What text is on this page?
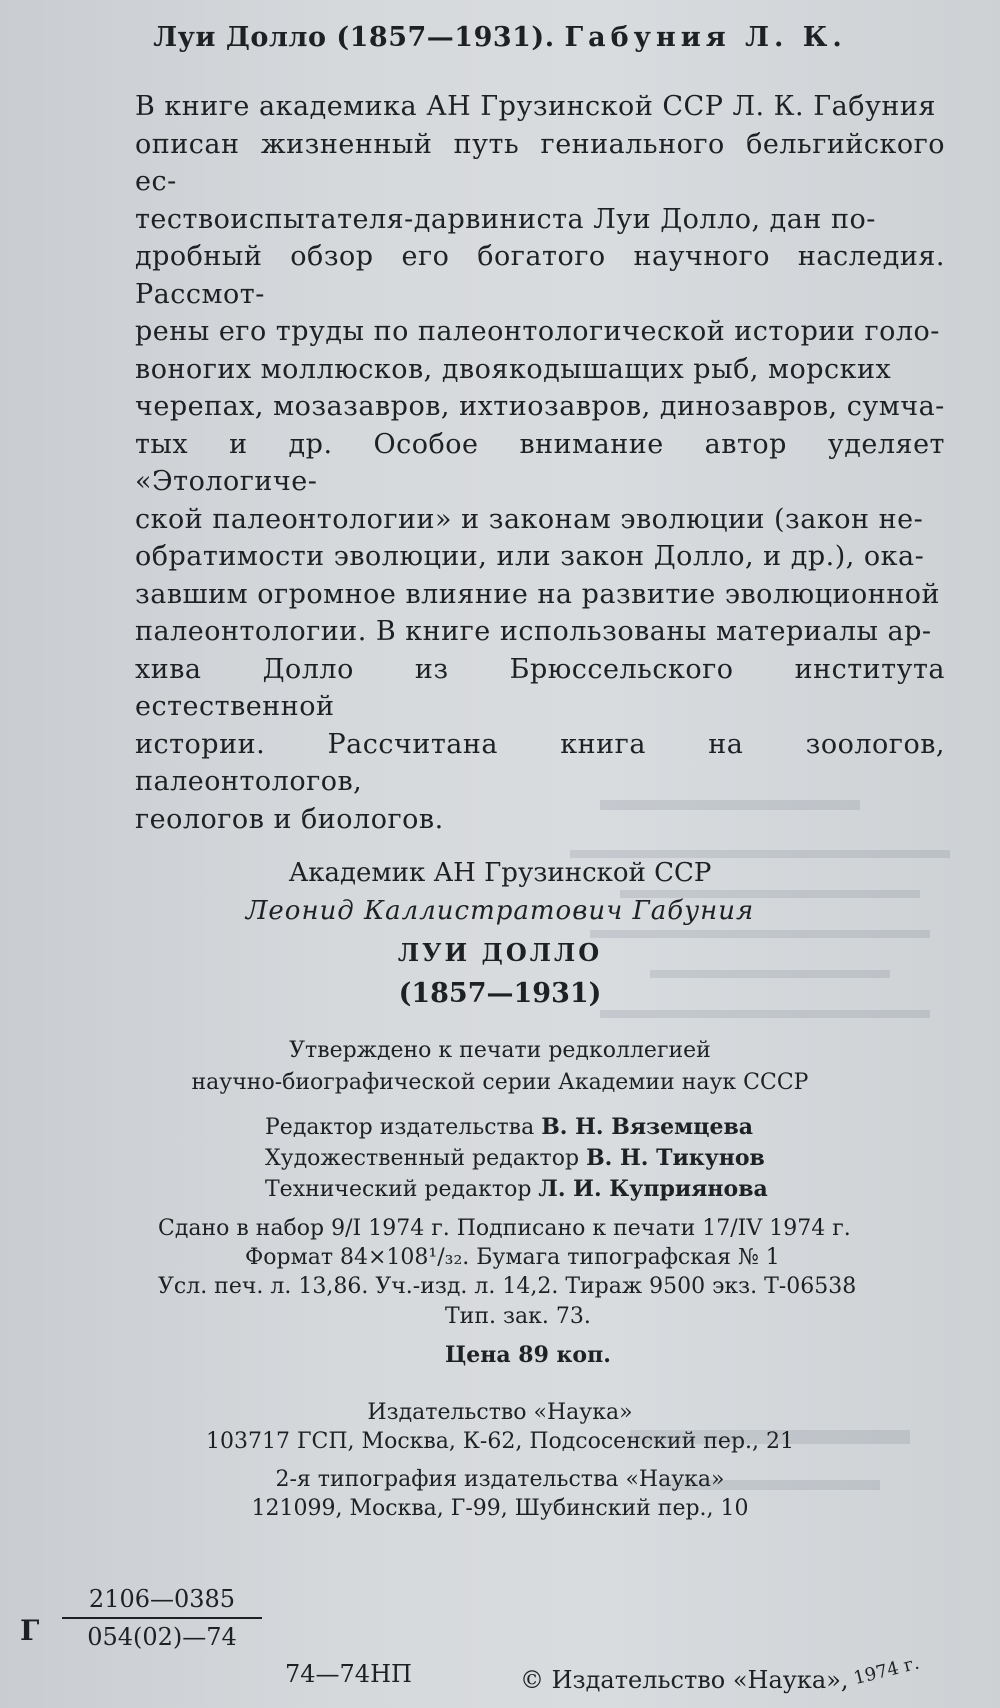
Луи Долло (1857—1931). Габуния Л. К.

В книге академика АН Грузинской ССР Л. К. Габуния

описан жизненный путь гениального бельгийского ес-

тествоиспытателя-дарвиниста Луи Долло, дан по-

дробный обзор его богатого научного наследия. Рассмот-

рены его труды по палеонтологической истории голо-

воногих моллюсков, двоякодышащих рыб, морских

черепах, мозазавров, ихтиозавров, динозавров, сумча-

тых и др. Особое внимание автор уделяет «Этологиче-

ской палеонтологии» и законам эволюции (закон не-

обратимости эволюции, или закон Долло, и др.), ока-

завшим огромное влияние на развитие эволюционной

палеонтологии. В книге использованы материалы ар-

хива Долло из Брюссельского института естественной

истории. Рассчитана книга на зоологов, палеонтологов,

геологов и биологов.

Академик АН Грузинской ССР
Леонид Каллистратович Габуния
ЛУИ ДОЛЛО
(1857—1931)
Утверждено к печати редколлегией
научно-биографической серии Академии наук СССР
Редактор издательства В. Н. Вяземцева
Художественный редактор В. Н. Тикунов
Технический редактор Л. И. Куприянова
Сдано в набор 9/I 1974 г. Подписано к печати 17/IV 1974 г.
Формат 84×108¹/₃₂. Бумага типографская № 1
Усл. печ. л. 13,86. Уч.-изд. л. 14,2. Тираж 9500 экз. Т-06538
Тип. зак. 73.
Цена 89 коп.
Издательство «Наука»
103717 ГСП, Москва, К-62, Подсосенский пер., 21
2-я типография издательства «Наука»
121099, Москва, Г-99, Шубинский пер., 10
Г
2106—0385
054(02)—74
74—74НП	© Издательство «Наука», 1974 г.
